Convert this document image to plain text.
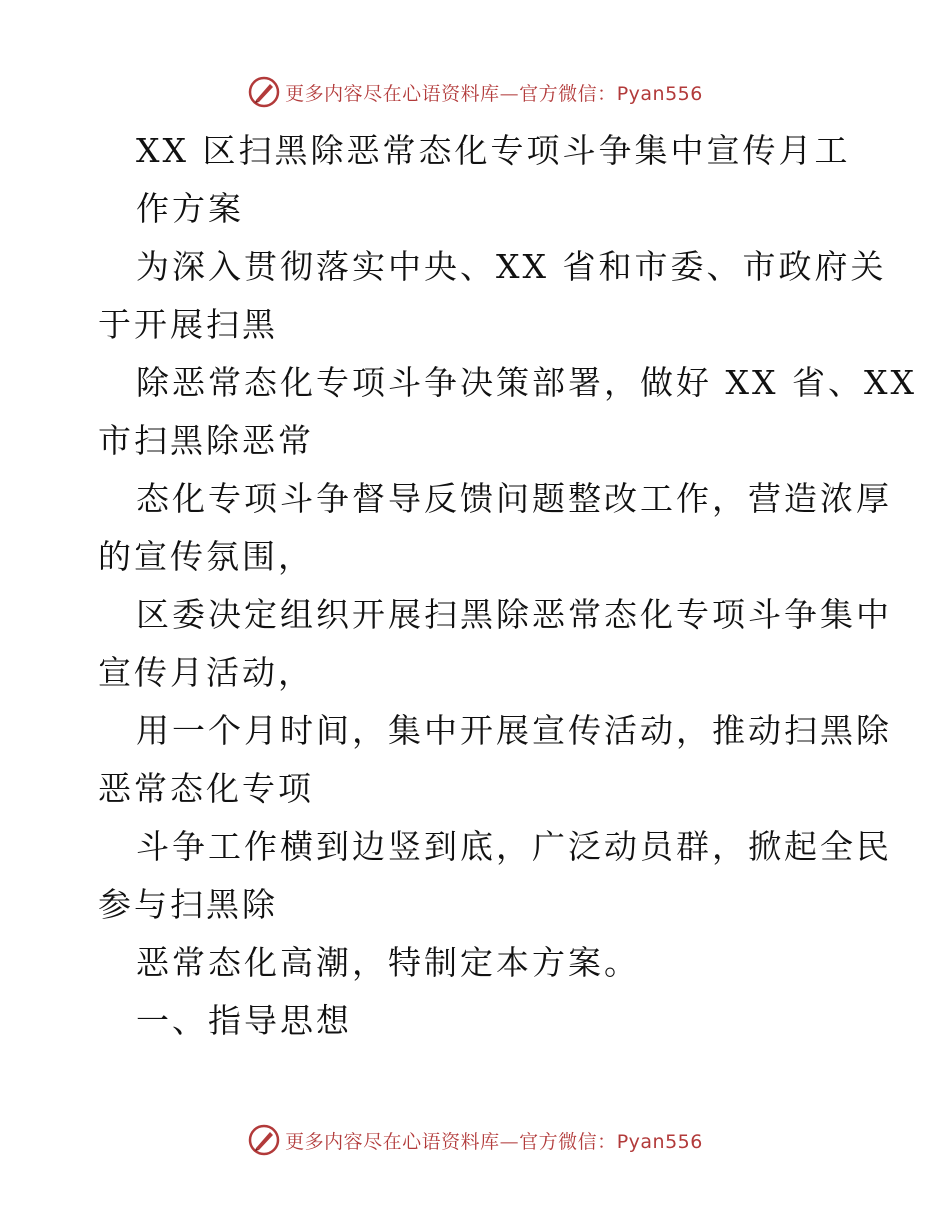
更多内容尽在心语资料库—官方微信：Pyan556
XX 区扫黑除恶常态化专项斗争集中宣传月工
作方案
为深入贯彻落实中央、XX 省和市委、市政府关
于开展扫黑
除恶常态化专项斗争决策部署，做好 XX 省、XX
市扫黑除恶常
态化专项斗争督导反馈问题整改工作，营造浓厚
的宣传氛围，
区委决定组织开展扫黑除恶常态化专项斗争集中
宣传月活动，
用一个月时间，集中开展宣传活动，推动扫黑除
恶常态化专项
斗争工作横到边竖到底，广泛动员群，掀起全民
参与扫黑除
恶常态化高潮，特制定本方案。
一、指导思想
更多内容尽在心语资料库—官方微信：Pyan556
